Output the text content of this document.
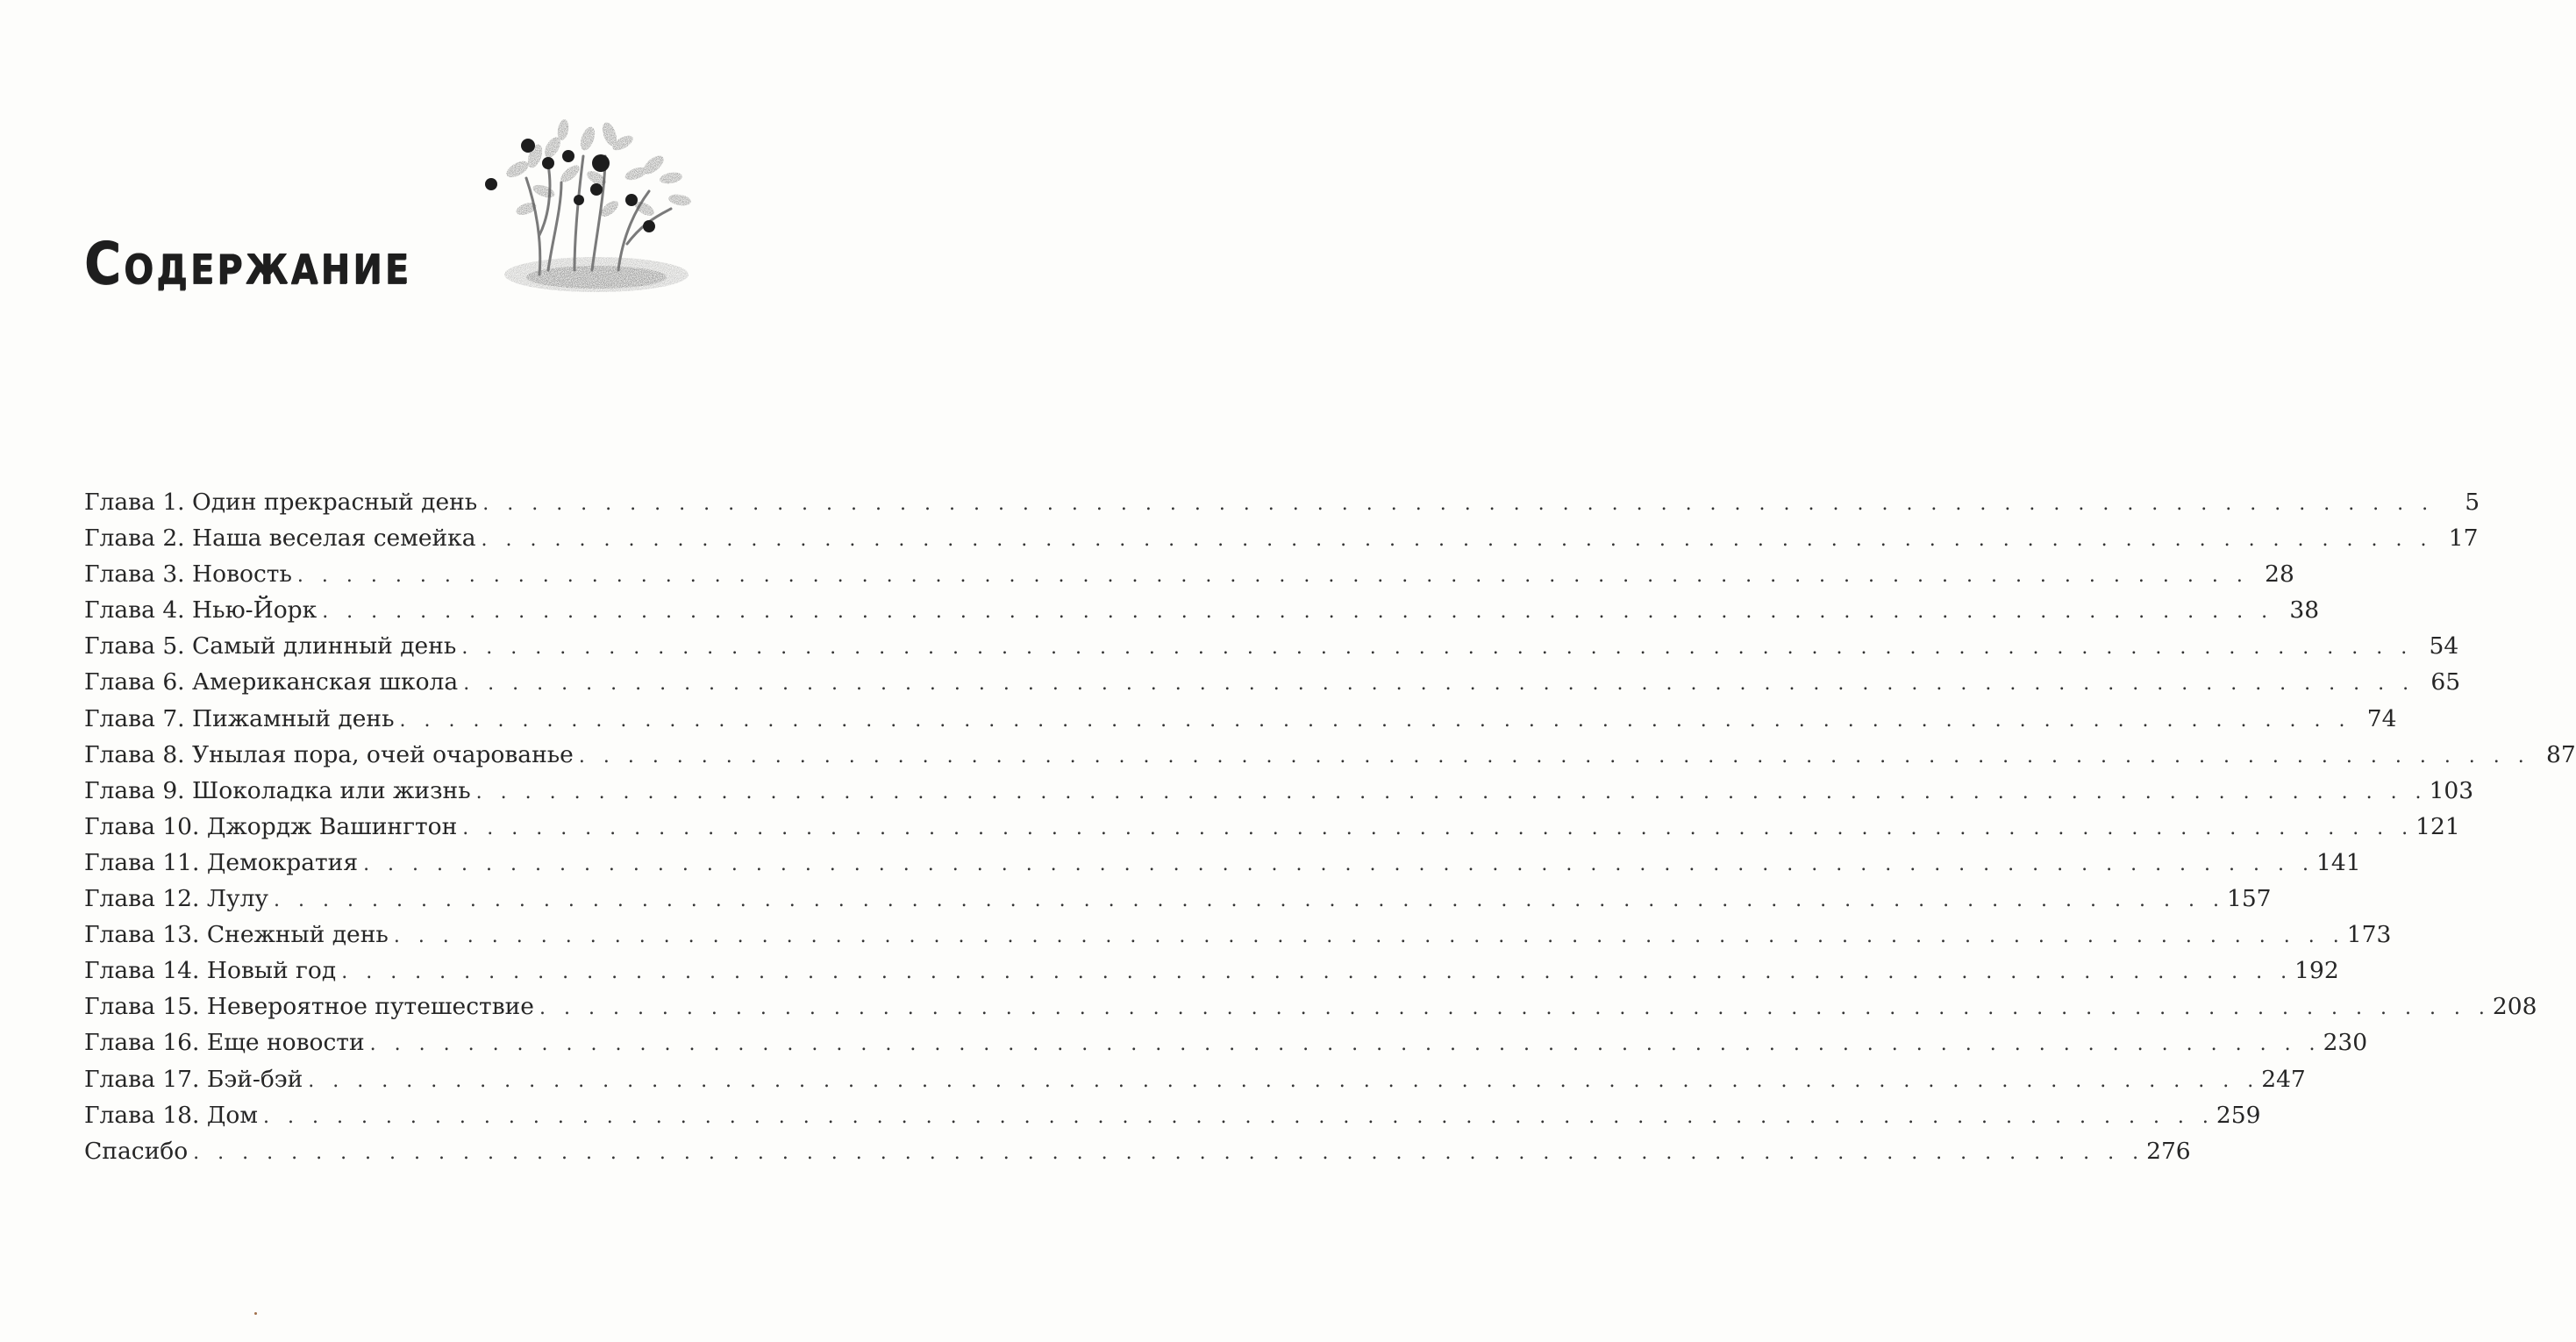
Содержание
Глава 1. Один прекрасный день . . . . . . . . . . . . . . . . . . . . . . . . . . . . . . . . . . . . . . . . . . . . . . . . . . . . . . . . . . . . . . . . . . . . . . . . . . . . . . . .	5
Глава 2. Наша веселая семейка . . . . . . . . . . . . . . . . . . . . . . . . . . . . . . . . . . . . . . . . . . . . . . . . . . . . . . . . . . . . . . . . . . . . . . . . . . . . . . . . 17
Глава 3. Новость . . . . . . . . . . . . . . . . . . . . . . . . . . . . . . . . . . . . . . . . . . . . . . . . . . . . . . . . . . . . . . . . . . . . . . . . . . . . . . . . 28
Глава 4. Нью-Йорк . . . . . . . . . . . . . . . . . . . . . . . . . . . . . . . . . . . . . . . . . . . . . . . . . . . . . . . . . . . . . . . . . . . . . . . . . . . . . . . . 38
Глава 5. Самый длинный день . . . . . . . . . . . . . . . . . . . . . . . . . . . . . . . . . . . . . . . . . . . . . . . . . . . . . . . . . . . . . . . . . . . . . . . . . . . . . . . . 54
Глава 6. Американская школа . . . . . . . . . . . . . . . . . . . . . . . . . . . . . . . . . . . . . . . . . . . . . . . . . . . . . . . . . . . . . . . . . . . . . . . . . . . . . . . . 65
Глава 7. Пижамный день . . . . . . . . . . . . . . . . . . . . . . . . . . . . . . . . . . . . . . . . . . . . . . . . . . . . . . . . . . . . . . . . . . . . . . . . . . . . . . . . 74
Глава 8. Унылая пора, очей очарованье . . . . . . . . . . . . . . . . . . . . . . . . . . . . . . . . . . . . . . . . . . . . . . . . . . . . . . . . . . . . . . . . . . . . . . . . . . . . . . . . 87
Глава 9. Шоколадка или жизнь . . . . . . . . . . . . . . . . . . . . . . . . . . . . . . . . . . . . . . . . . . . . . . . . . . . . . . . . . . . . . . . . . . . . . . . . . . . . . . . . 103
Глава 10. Джордж Вашингтон . . . . . . . . . . . . . . . . . . . . . . . . . . . . . . . . . . . . . . . . . . . . . . . . . . . . . . . . . . . . . . . . . . . . . . . . . . . . . . . . 121
Глава 11. Демократия . . . . . . . . . . . . . . . . . . . . . . . . . . . . . . . . . . . . . . . . . . . . . . . . . . . . . . . . . . . . . . . . . . . . . . . . . . . . . . . . 141
Глава 12. Лулу . . . . . . . . . . . . . . . . . . . . . . . . . . . . . . . . . . . . . . . . . . . . . . . . . . . . . . . . . . . . . . . . . . . . . . . . . . . . . . . . 157
Глава 13. Снежный день . . . . . . . . . . . . . . . . . . . . . . . . . . . . . . . . . . . . . . . . . . . . . . . . . . . . . . . . . . . . . . . . . . . . . . . . . . . . . . . . 173
Глава 14. Новый год . . . . . . . . . . . . . . . . . . . . . . . . . . . . . . . . . . . . . . . . . . . . . . . . . . . . . . . . . . . . . . . . . . . . . . . . . . . . . . . . 192
Глава 15. Невероятное путешествие . . . . . . . . . . . . . . . . . . . . . . . . . . . . . . . . . . . . . . . . . . . . . . . . . . . . . . . . . . . . . . . . . . . . . . . . . . . . . . . . 208
Глава 16. Еще новости . . . . . . . . . . . . . . . . . . . . . . . . . . . . . . . . . . . . . . . . . . . . . . . . . . . . . . . . . . . . . . . . . . . . . . . . . . . . . . . . 230
Глава 17. Бэй-бэй . . . . . . . . . . . . . . . . . . . . . . . . . . . . . . . . . . . . . . . . . . . . . . . . . . . . . . . . . . . . . . . . . . . . . . . . . . . . . . . . 247
Глава 18. Дом . . . . . . . . . . . . . . . . . . . . . . . . . . . . . . . . . . . . . . . . . . . . . . . . . . . . . . . . . . . . . . . . . . . . . . . . . . . . . . . . 259
Спасибо . . . . . . . . . . . . . . . . . . . . . . . . . . . . . . . . . . . . . . . . . . . . . . . . . . . . . . . . . . . . . . . . . . . . . . . . . . . . . . . . 276
